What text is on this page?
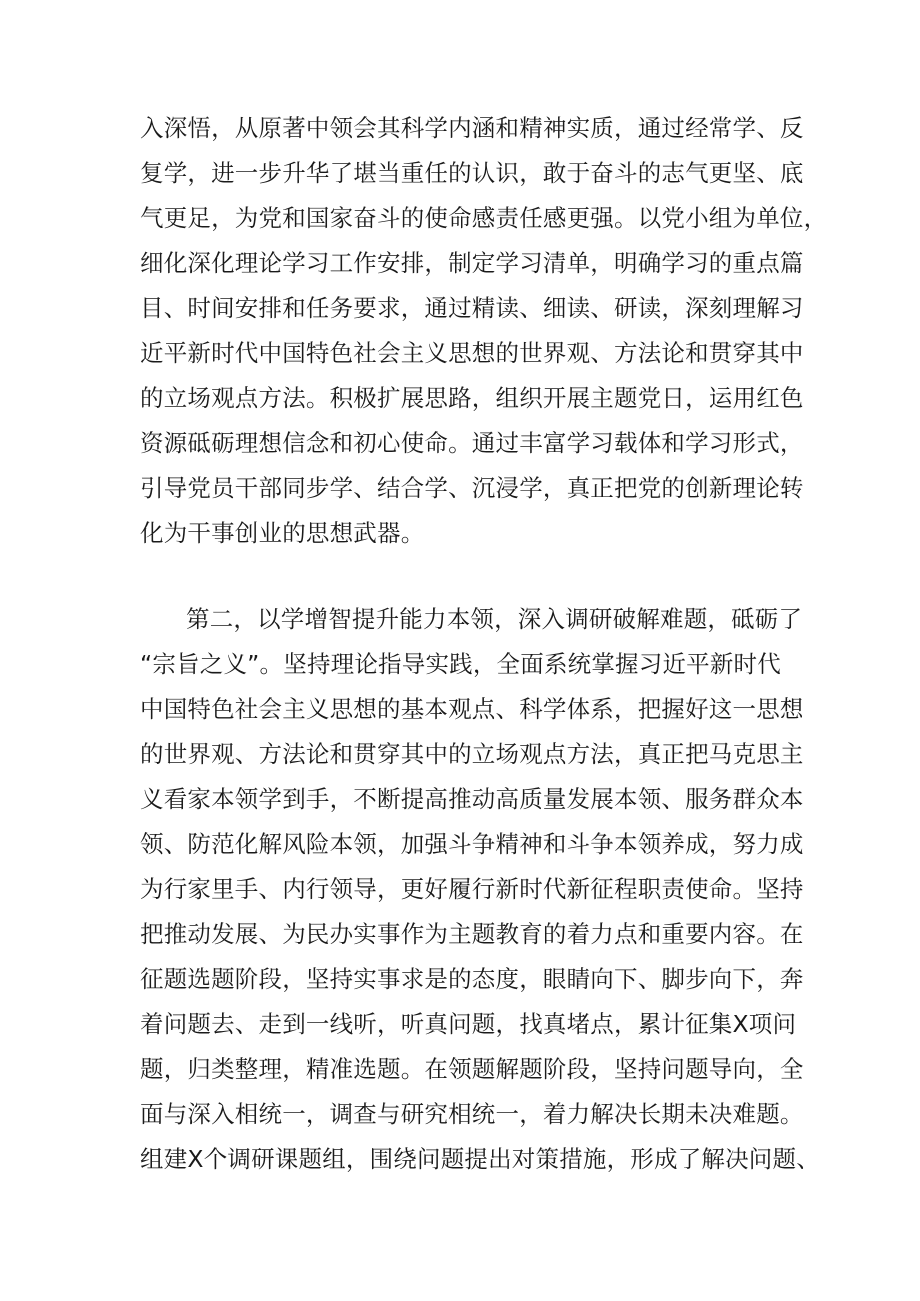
入深悟，从原著中领会其科学内涵和精神实质，通过经常学、反
复学，进一步升华了堪当重任的认识，敢于奋斗的志气更坚、底
气更足，为党和国家奋斗的使命感责任感更强。以党小组为单位，
细化深化理论学习工作安排，制定学习清单，明确学习的重点篇
目、时间安排和任务要求，通过精读、细读、研读，深刻理解习
近平新时代中国特色社会主义思想的世界观、方法论和贯穿其中
的立场观点方法。积极扩展思路，组织开展主题党日，运用红色
资源砥砺理想信念和初心使命。通过丰富学习载体和学习形式，
引导党员干部同步学、结合学、沉浸学，真正把党的创新理论转
化为干事创业的思想武器。
第二，以学增智提升能力本领，深入调研破解难题，砥砺了
“宗旨之义”。坚持理论指导实践，全面系统掌握习近平新时代
中国特色社会主义思想的基本观点、科学体系，把握好这一思想
的世界观、方法论和贯穿其中的立场观点方法，真正把马克思主
义看家本领学到手，不断提高推动高质量发展本领、服务群众本
领、防范化解风险本领，加强斗争精神和斗争本领养成，努力成
为行家里手、内行领导，更好履行新时代新征程职责使命。坚持
把推动发展、为民办实事作为主题教育的着力点和重要内容。在
征题选题阶段，坚持实事求是的态度，眼睛向下、脚步向下，奔
着问题去、走到一线听，听真问题，找真堵点，累计征集X项问
题，归类整理，精准选题。在领题解题阶段，坚持问题导向，全
面与深入相统一，调查与研究相统一，着力解决长期未决难题。
组建X个调研课题组，围绕问题提出对策措施，形成了解决问题、
